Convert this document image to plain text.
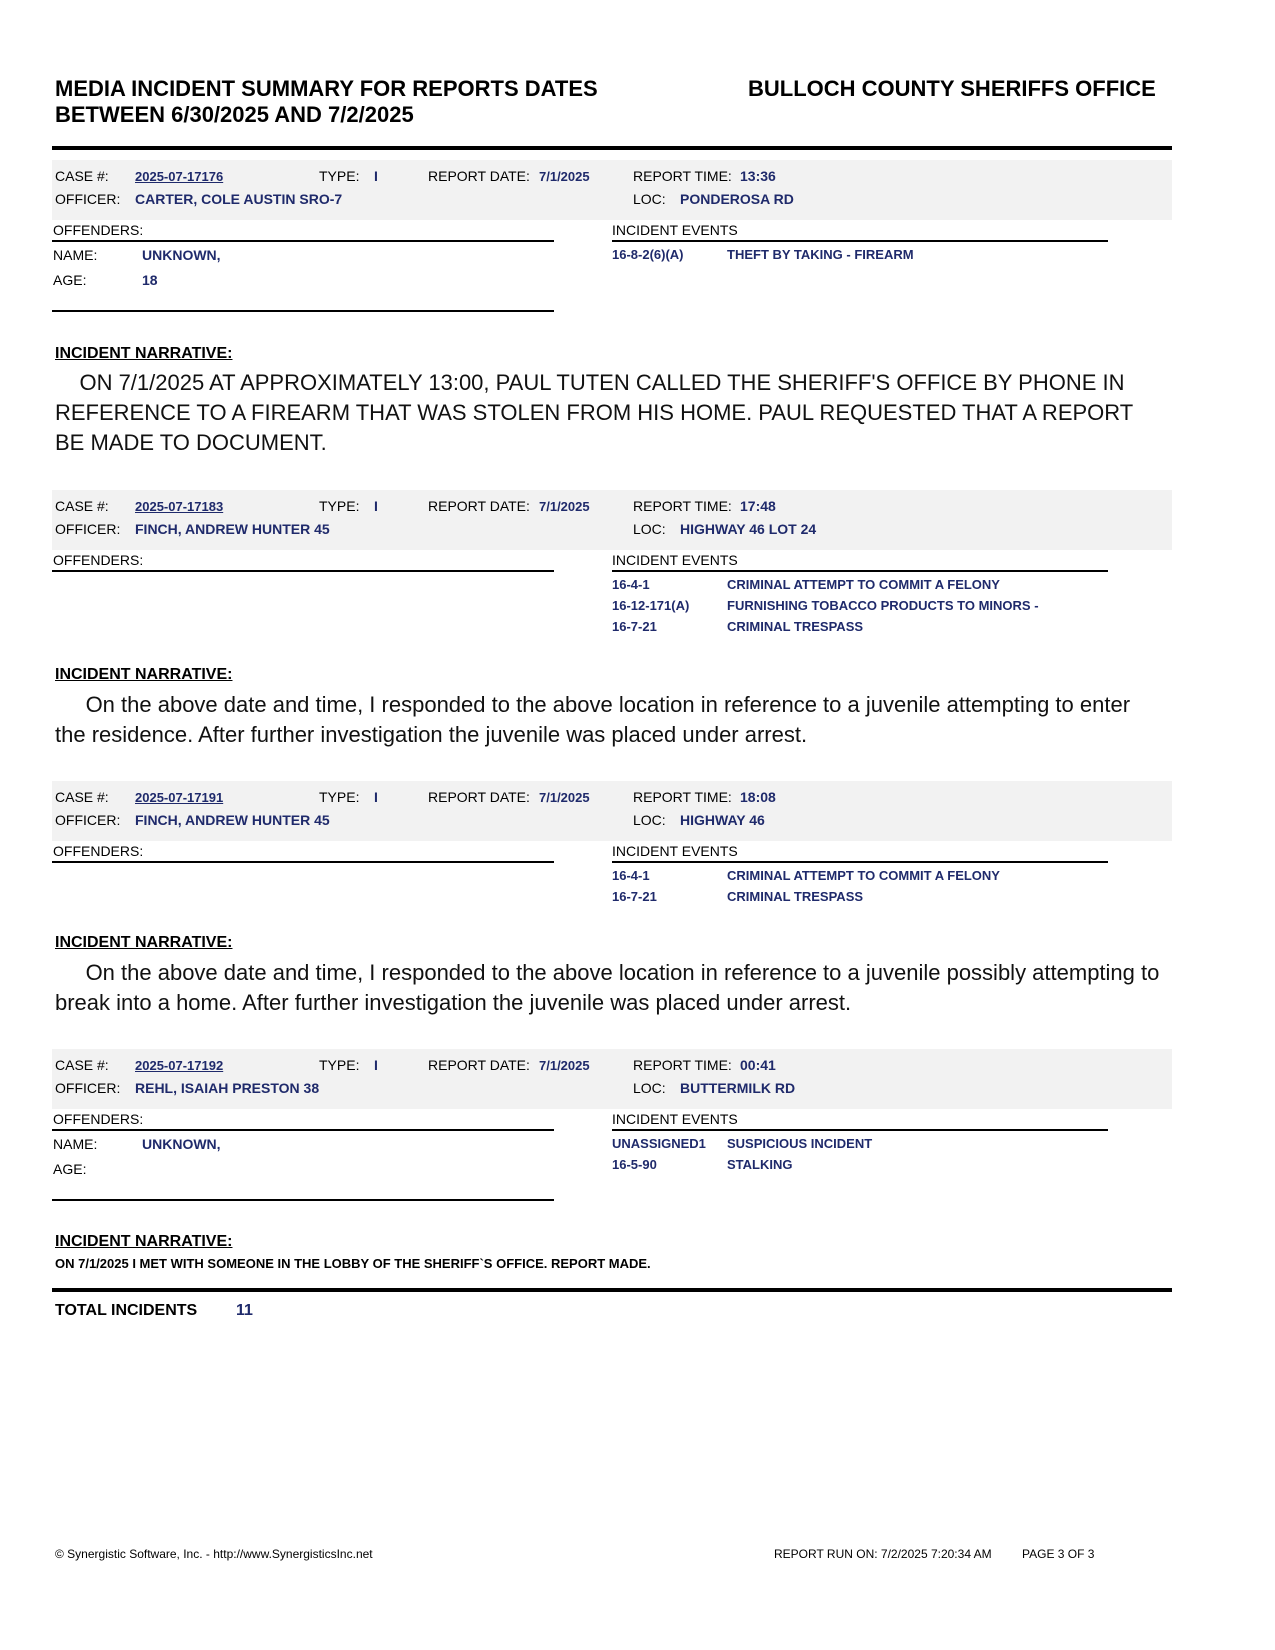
MEDIA INCIDENT SUMMARY FOR REPORTS DATES BETWEEN 6/30/2025 AND 7/2/2025
BULLOCH COUNTY SHERIFFS OFFICE
CASE #: 2025-07-17176	TYPE: I	REPORT DATE: 7/1/2025	REPORT TIME: 13:36
OFFICER: CARTER, COLE AUSTIN SRO-7	LOC: PONDEROSA RD
OFFENDERS:
NAME:	UNKNOWN,
AGE:	18
INCIDENT EVENTS
16-8-2(6)(A)	THEFT BY TAKING - FIREARM
INCIDENT NARRATIVE:
ON 7/1/2025 AT APPROXIMATELY 13:00, PAUL TUTEN CALLED THE SHERIFF'S OFFICE BY PHONE IN REFERENCE TO A FIREARM THAT WAS STOLEN FROM HIS HOME. PAUL REQUESTED THAT A REPORT BE MADE TO DOCUMENT.
CASE #: 2025-07-17183	TYPE: I	REPORT DATE: 7/1/2025	REPORT TIME: 17:48
OFFICER: FINCH, ANDREW HUNTER 45	LOC: HIGHWAY 46 LOT 24
OFFENDERS:	INCIDENT EVENTS
16-4-1	CRIMINAL ATTEMPT TO COMMIT A FELONY
16-12-171(A)	FURNISHING TOBACCO PRODUCTS TO MINORS -
16-7-21	CRIMINAL TRESPASS
INCIDENT NARRATIVE:
On the above date and time, I responded to the above location in reference to a juvenile attempting to enter the residence. After further investigation the juvenile was placed under arrest.
CASE #: 2025-07-17191	TYPE: I	REPORT DATE: 7/1/2025	REPORT TIME: 18:08
OFFICER: FINCH, ANDREW HUNTER 45	LOC: HIGHWAY 46
OFFENDERS:	INCIDENT EVENTS
16-4-1	CRIMINAL ATTEMPT TO COMMIT A FELONY
16-7-21	CRIMINAL TRESPASS
INCIDENT NARRATIVE:
On the above date and time, I responded to the above location in reference to a juvenile possibly attempting to break into a home. After further investigation the juvenile was placed under arrest.
CASE #: 2025-07-17192	TYPE: I	REPORT DATE: 7/1/2025	REPORT TIME: 00:41
OFFICER: REHL, ISAIAH PRESTON 38	LOC: BUTTERMILK RD
OFFENDERS:
NAME:	UNKNOWN,
AGE:
INCIDENT EVENTS
UNASSIGNED1 SUSPICIOUS INCIDENT
16-5-90	STALKING
INCIDENT NARRATIVE:
ON 7/1/2025 I MET WITH SOMEONE IN THE LOBBY OF THE SHERIFF`S OFFICE. REPORT MADE.
TOTAL INCIDENTS 11
© Synergistic Software, Inc. - http://www.SynergisticsInc.net	REPORT RUN ON: 7/2/2025 7:20:34 AM	PAGE 3 OF 3
